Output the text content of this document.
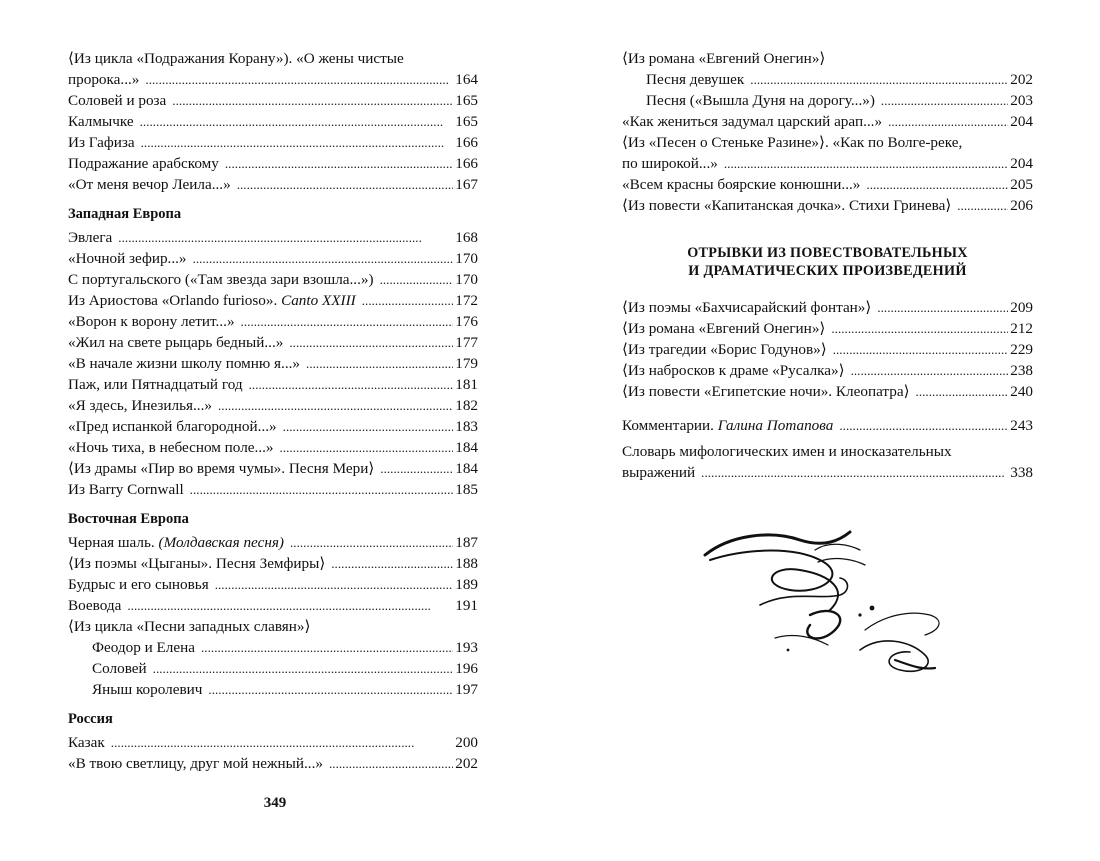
⟨Из цикла «Подражания Корану»). «О жены чистые
пророка...» . . .	164
Соловей и роза . . .	165
Калмычке . . .	165
Из Гафиза . . .	166
Подражание арабскому . . .	166
«От меня вечор Леила...» . . .	167
Западная Европа
Эвлега . . .	168
«Ночной зефир...» . . .	170
С португальского («Там звезда зари взошла...») . . .	170
Из Ариостова «Orlando furioso». Canto XXIII . . .	172
«Ворон к ворону летит...» . . .	176
«Жил на свете рыцарь бедный...» . . .	177
«В начале жизни школу помню я...» . . .	179
Паж, или Пятнадцатый год . . .	181
«Я здесь, Инезилья...» . . .	182
«Пред испанкой благородной...» . . .	183
«Ночь тиха, в небесном поле...» . . .	184
⟨Из драмы «Пир во время чумы». Песня Мери⟩ . . .	184
Из Barry Cornwall . . .	185
Восточная Европа
Черная шаль. (Молдавская песня) . . .	187
⟨Из поэмы «Цыганы». Песня Земфиры⟩ . . .	188
Будрыс и его сыновья . . .	189
Воевода . . .	191
⟨Из цикла «Песни западных славян»⟩
Феодор и Елена . . .	193
Соловей . . .	196
Яныш королевич . . .	197
Россия
Казак . . .	200
«В твою светлицу, друг мой нежный...» . . .	202
349
⟨Из романа «Евгений Онегин»⟩
Песня девушек . . .	202
Песня («Вышла Дуня на дорогу...») . . .	203
«Как жениться задумал царский арап...» . . .	204
⟨Из «Песен о Стеньке Разине»⟩. «Как по Волге-реке,
по широкой...» . . .	204
«Всем красны боярские конюшни...» . . .	205
⟨Из повести «Капитанская дочка». Стихи Гринева⟩ . . .	206
ОТРЫВКИ ИЗ ПОВЕСТВОВАТЕЛЬНЫХ
И ДРАМАТИЧЕСКИХ ПРОИЗВЕДЕНИЙ
⟨Из поэмы «Бахчисарайский фонтан»⟩ . . .	209
⟨Из романа «Евгений Онегин»⟩ . . .	212
⟨Из трагедии «Борис Годунов»⟩ . . .	229
⟨Из набросков к драме «Русалка»⟩ . . .	238
⟨Из повести «Египетские ночи». Клеопатра⟩ . . .	240
Комментарии. Галина Потапова . . .	243
Словарь мифологических имен и иносказательных
выражений . . .	338
